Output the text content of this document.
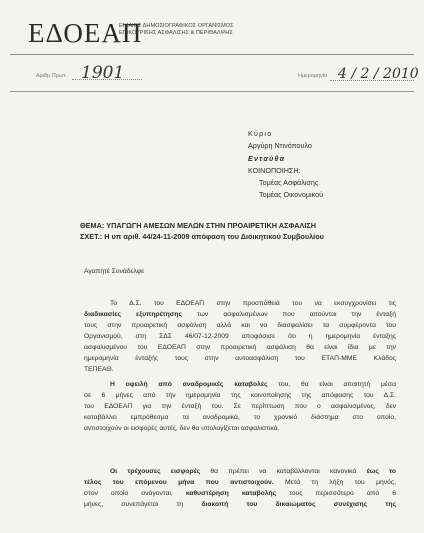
ΕΔΟΕΑΠ
ΕΝΙΑΙΟΣ ΔΗΜΟΣΙΟΓΡΑΦΙΚΟΣ ΟΡΓΑΝΙΣΜΟΣ
ΕΠΙΚΟΥΡΙΚΗΣ ΑΣΦΑΛΙΣΗΣ & ΠΕΡΙΘΑΛΨΗΣ
Αριθμ.Πρωτ. 1901	Ημερομηνία 4 / 2 / 2010
Κύριο
Αργύρη Ντινόπουλο
Ενταύθα
ΚΟΙΝΟΠΟΙΗΣΗ:
Τομέας Ασφάλισης
Τομέας Οικονομικού
ΘΕΜΑ: ΥΠΑΓΩΓΗ ΑΜΕΣΩΝ ΜΕΛΩΝ ΣΤΗΝ ΠΡΟΑΙΡΕΤΙΚΗ ΑΣΦΑΛΙΣΗ
ΣΧΕΤ.: Η υπ αριθ. 44/24-11-2009 απόφαση του Διοικητικού Συμβουλίου
Αγαπητέ Συνάδελφε
Το Δ.Σ. του ΕΔΟΕΑΠ στην προσπάθειά του να εκσυγχρονίσει τις
διαδικασίες εξυπηρέτησης των ασφαλισμένων που αιτούνται την ένταξή
τους στην προαιρετική ασφάλιση αλλά και να διασφαλίσει τα συμφέροντα του
Οργανισμού, στη ΣΔΣ 46/07-12-2009 αποφάσισε ότι η ημερομηνία ένταξης
ασφαλισμένου του ΕΔΟΕΑΠ στην προαιρετική ασφάλιση θα είναι ίδια με την
ημερομηνία ένταξής τους στην αυτοασφάλιση του ΕΤΑΠ-ΜΜΕ Κλάδος
ΤΕΠΕΑΘ.
Η οφειλή από αναδρομικές καταβολές του, θα είναι απαιτητή μέσα
σε 6 μήνες από την ημερομηνία της κοινοποίησης της απόφασης του Δ.Σ.
του ΕΔΟΕΑΠ για την ένταξή του. Σε περίπτωση που ο ασφαλισμένος, δεν
καταβάλλει εμπρόθεσμα τα αναδρομικά, το χρονικό διάστημα στο οποίο,
αντιστοιχούν οι εισφορές αυτές, δεν θα υπολογίζεται ασφαλιστικά.
Οι τρέχουσες εισφορές θα πρέπει να καταβάλλονται κανονικά έως το
τέλος του επόμενου μήνα που αντιστοιχούν. Μετά τη λήξη του μηνός,
στον οποίο ανάγονται, καθυστέρηση καταβολής τους περισσότερο από 6
μήνες, συνεπάγεται τη διακοπή του δικαιώματος συνέχισης της
